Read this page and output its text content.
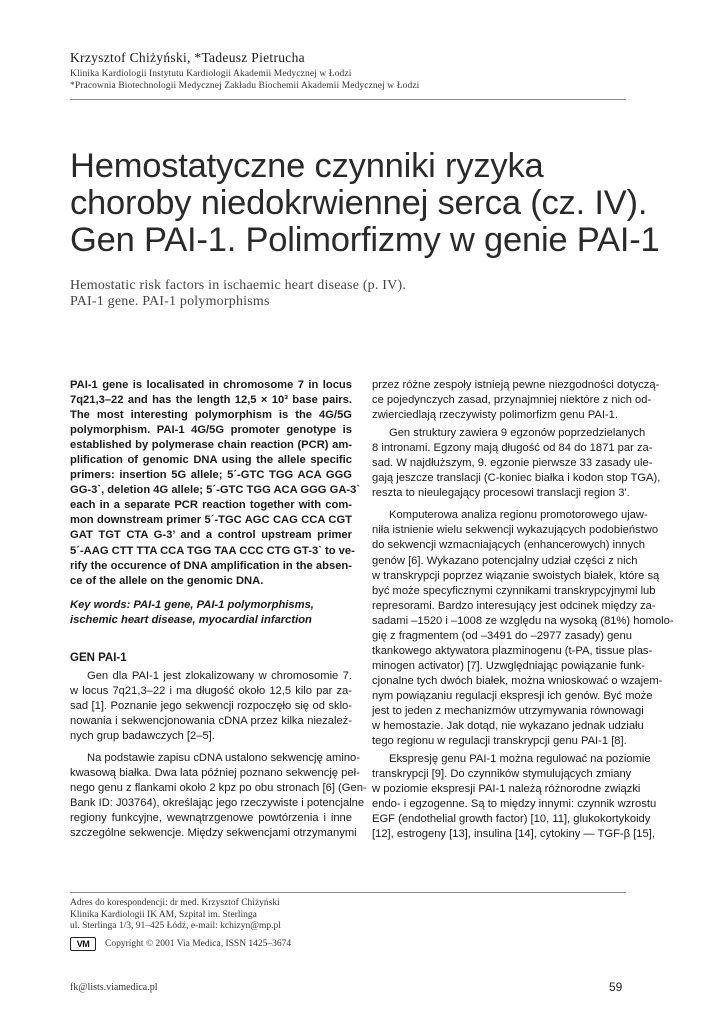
Krzysztof Chiżyński, *Tadeusz Pietrucha
Klinika Kardiologii Instytutu Kardiologii Akademii Medycznej w Łodzi
*Pracownia Biotechnologii Medycznej Zakładu Biochemii Akademii Medycznej w Łodzi
Hemostatyczne czynniki ryzyka
choroby niedokrwiennej serca (cz. IV).
Gen PAI-1. Polimorfizmy w genie PAI-1
Hemostatic risk factors in ischaemic heart disease (p. IV).
PAI-1 gene. PAI-1 polymorphisms
PAI-1 gene is localisated in chromosome 7 in locus
7q21,3–22 and has the length 12,5 × 10³ base pairs.
The most interesting polymorphism is the 4G/5G
polymorphism. PAI-1 4G/5G promoter genotype is
established by polymerase chain reaction (PCR) am-
plification of genomic DNA using the allele specific
primers: insertion 5G allele; 5´-GTC TGG ACA GGG
GG-3`, deletion 4G allele; 5´-GTC TGG ACA GGG GA-3`
each in a separate PCR reaction together with com-
mon downstream primer 5´-TGC AGC CAG CCA CGT
GAT TGT CTA G-3’ and a control upstream primer
5´-AAG CTT TTA CCA TGG TAA CCC CTG GT-3` to ve-
rify the occurence of DNA amplification in the absen-
ce of the allele on the genomic DNA.
Key words: PAI-1 gene, PAI-1 polymorphisms,
ischemic heart disease, myocardial infarction
GEN PAI-1
Gen dla PAI-1 jest zlokalizowany w chromosomie 7.
w locus 7q21,3–22 i ma długość około 12,5 kilo par za-
sad [1]. Poznanie jego sekwencji rozpoczęło się od sklo-
nowania i sekwencjonowania cDNA przez kilka niezależ-
nych grup badawczych [2–5].
Na podstawie zapisu cDNA ustalono sekwencję amino-
kwasową białka. Dwa lata później poznano sekwencję peł-
nego genu z flankami około 2 kpz po obu stronach [6] (Gen-
Bank ID: J03764), określając jego rzeczywiste i potencjalne
regiony funkcyjne, wewnątrzgenowe powtórzenia i inne
szczególne sekwencje. Między sekwencjami otrzymanymi
przez różne zespoły istnieją pewne niezgodności dotyczą-
ce pojedynczych zasad, przynajmniej niektóre z nich od-
zwierciedlają rzeczywisty polimorfizm genu PAI-1.
Gen struktury zawiera 9 egzonów poprzedzielanych
8 intronami. Egzony mają długość od 84 do 1871 par za-
sad. W najdłuższym, 9. egzonie pierwsze 33 zasady ule-
gają jeszcze translacji (C-koniec białka i kodon stop TGA),
reszta to nieulegający procesowi translacji region 3'.
Komputerowa analiza regionu promotorowego ujaw-
niła istnienie wielu sekwencji wykazujących podobieństwo
do sekwencji wzmacniających (enhancerowych) innych
genów [6]. Wykazano potencjalny udział części z nich
w transkrypcji poprzez wiązanie swoistych białek, które są
być może specyficznymi czynnikami transkrypcyjnymi lub
represorami. Bardzo interesujący jest odcinek między za-
sadami –1520 i –1008 ze względu na wysoką (81%) homolo-
gię z fragmentem (od –3491 do –2977 zasady) genu
tkankowego aktywatora plazminogenu (t-PA, tissue plas-
minogen activator) [7]. Uzwględniając powiązanie funk-
cjonalne tych dwóch białek, można wnioskować o wzajem-
nym powiązaniu regulacji ekspresji ich genów. Być może
jest to jeden z mechanizmów utrzymywania równowagi
w hemostazie. Jak dotąd, nie wykazano jednak udziału
tego regionu w regulacji transkrypcji genu PAI-1 [8].
Ekspresję genu PAI-1 można regulować na poziomie
transkrypcji [9]. Do czynników stymulujących zmiany
w poziomie ekspresji PAI-1 należą różnorodne związki
endo- i egzogenne. Są to między innymi: czynnik wzrostu
EGF (endothelial growth factor) [10, 11], glukokortykoidy
[12], estrogeny [13], insulina [14], cytokiny — TGF-β [15],
Adres do korespondencji: dr med. Krzysztof Chiżyński
Klinika Kardiologii IK AM, Szpital im. Sterlinga
ul. Sterlinga 1/3, 91–425 Łódź, e-mail: kchizyn@mp.pl
VM	Copyright © 2001 Via Medica, ISSN 1425–3674
fk@lists.viamedica.pl	59
